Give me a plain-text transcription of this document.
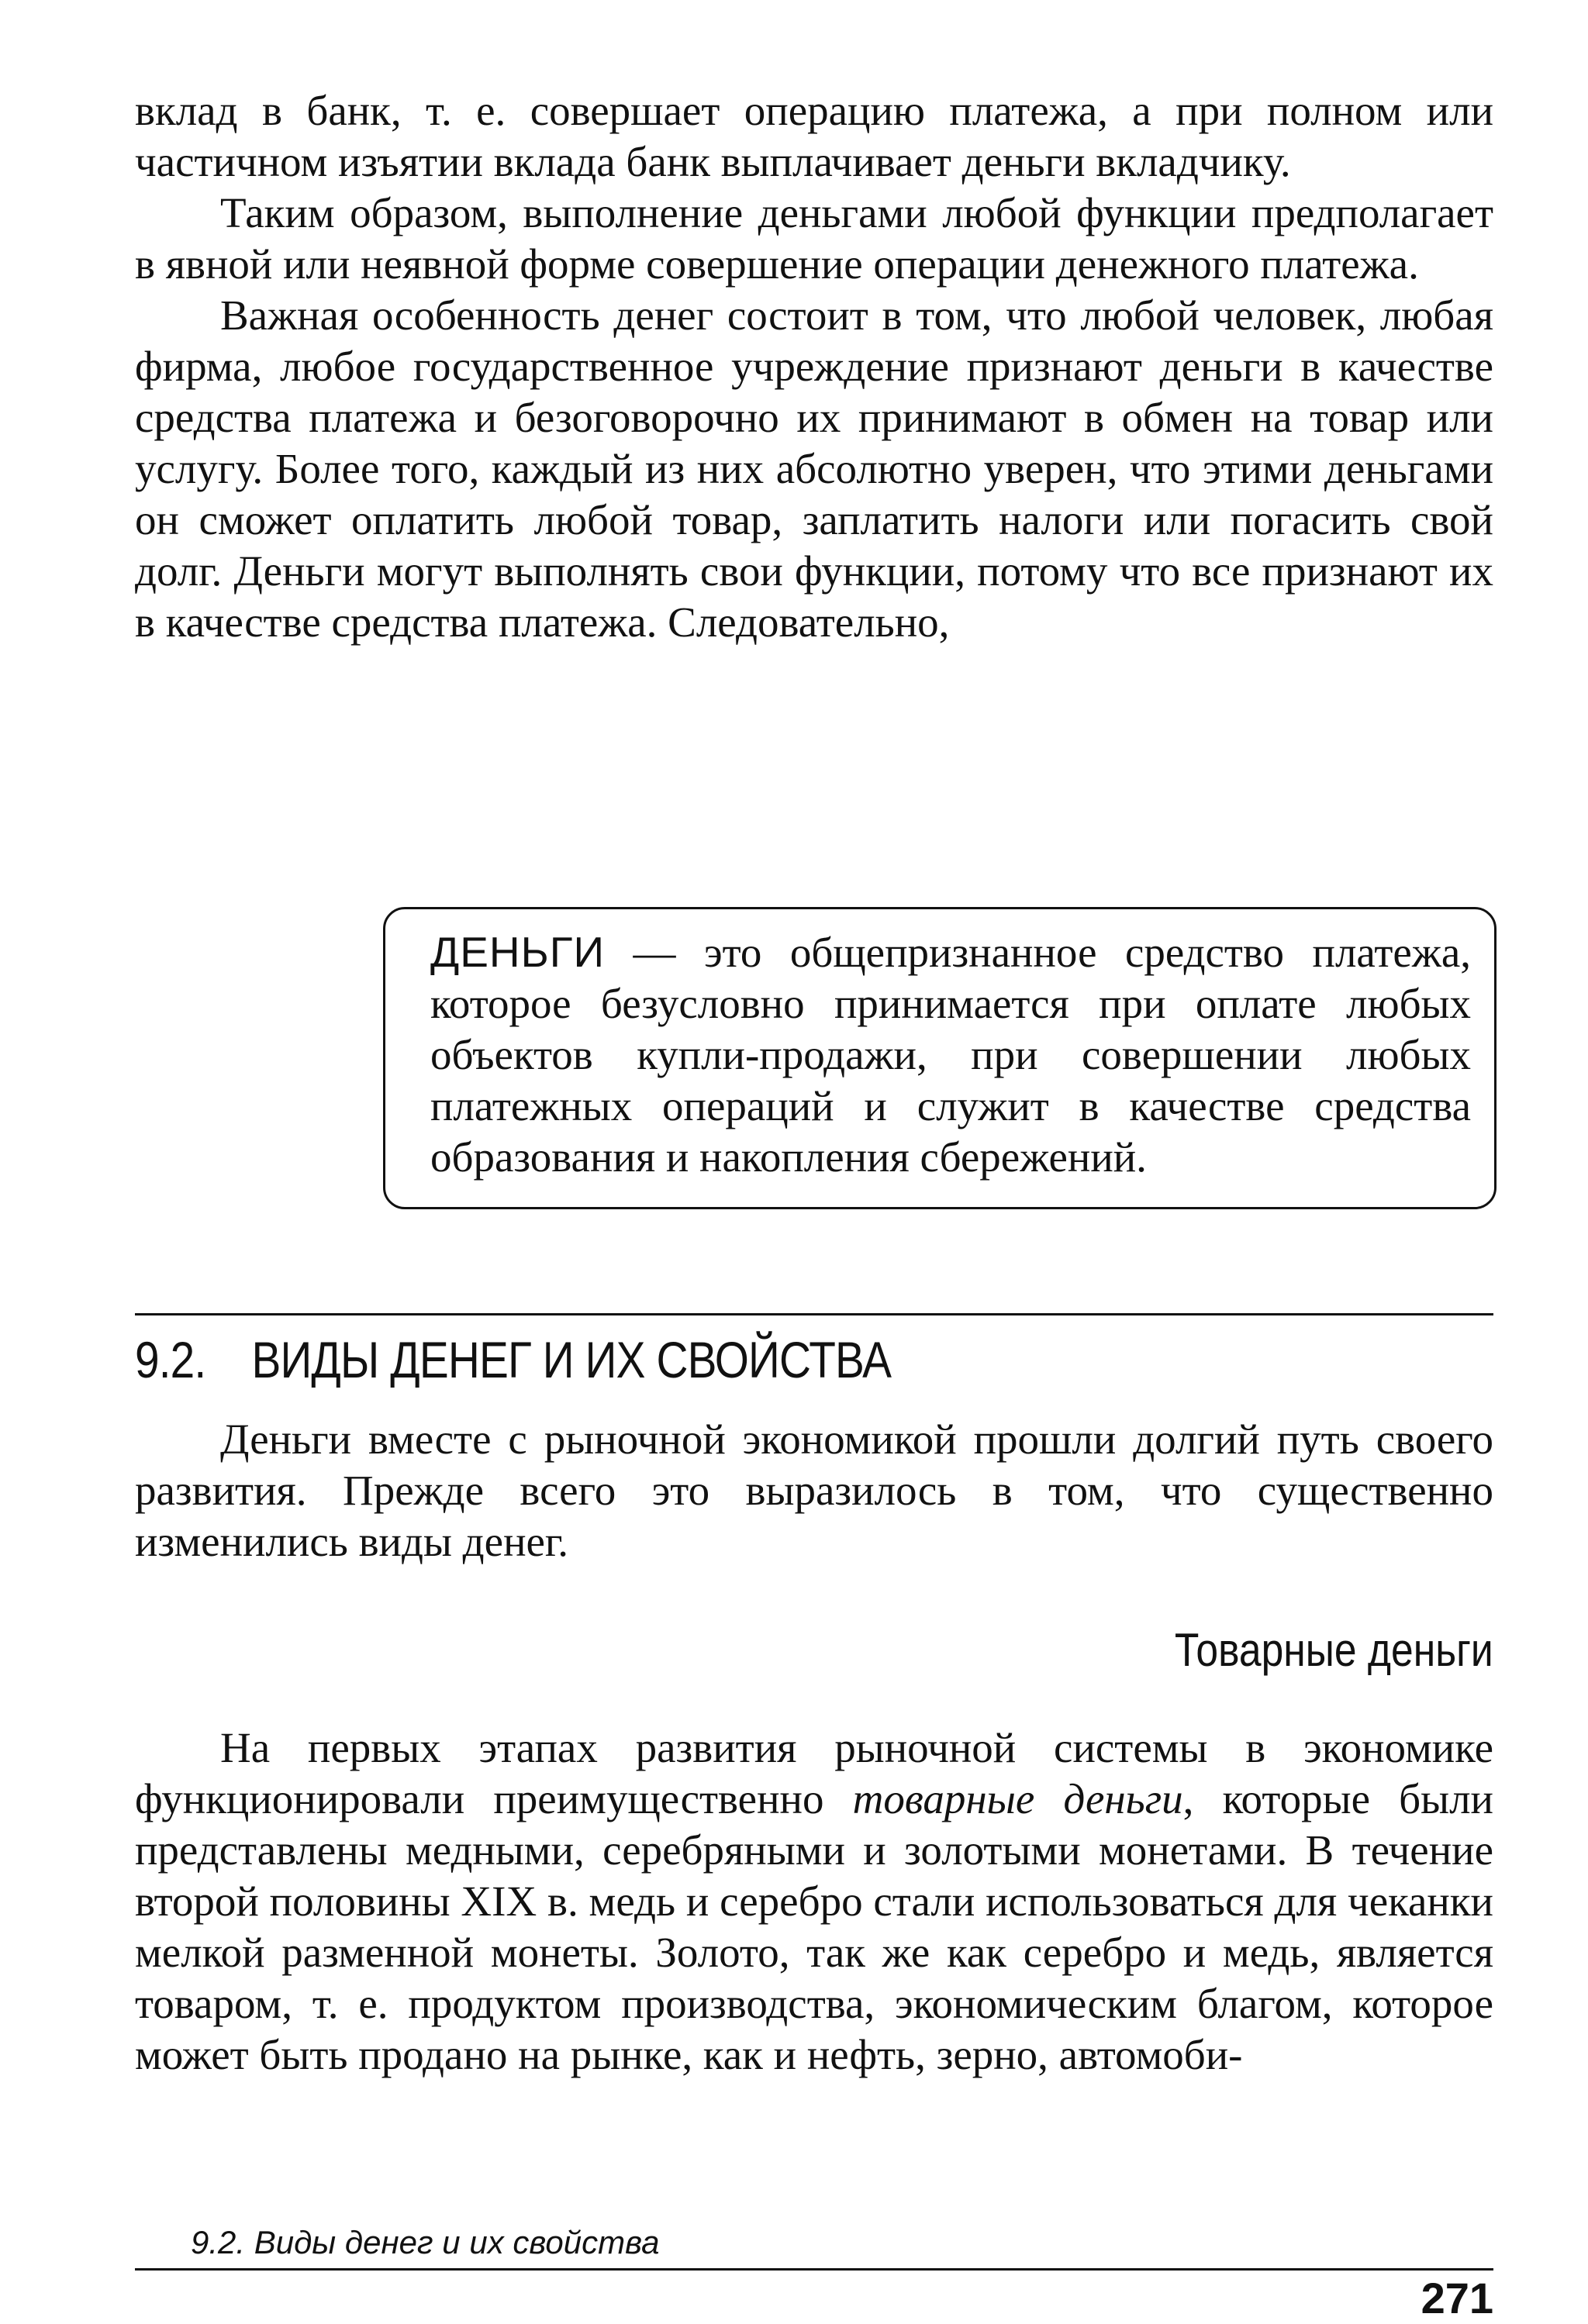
вклад в банк, т. е. совершает операцию платежа, а при полном или частичном изъятии вклада банк выплачивает деньги вкладчику.

Таким образом, выполнение деньгами любой функции предполагает в явной или неявной форме совершение операции денежного платежа.

Важная особенность денег состоит в том, что любой человек, любая фирма, любое государственное учреждение признают деньги в качестве средства платежа и безоговорочно их принимают в обмен на товар или услугу. Более того, каждый из них абсолютно уверен, что этими деньгами он сможет оплатить любой товар, заплатить налоги или погасить свой долг. Деньги могут выполнять свои функции, потому что все признают их в качестве средства платежа. Следовательно,

ДЕНЬГИ — это общепризнанное средство платежа, которое безусловно принимается при оплате любых объектов купли-продажи, при совершении любых платежных операций и служит в качестве средства образования и накопления сбережений.

9.2. ВИДЫ ДЕНЕГ И ИХ СВОЙСТВА

Деньги вместе с рыночной экономикой прошли долгий путь своего развития. Прежде всего это выразилось в том, что существенно изменились виды денег.

Товарные деньги

На первых этапах развития рыночной системы в экономике функционировали преимущественно товарные деньги, которые были представлены медными, серебряными и золотыми монетами. В течение второй половины XIX в. медь и серебро стали использоваться для чеканки мелкой разменной монеты. Золото, так же как серебро и медь, является товаром, т. е. продуктом производства, экономическим благом, которое может быть продано на рынке, как и нефть, зерно, автомоби-

9.2. Виды денег и их свойства
271
